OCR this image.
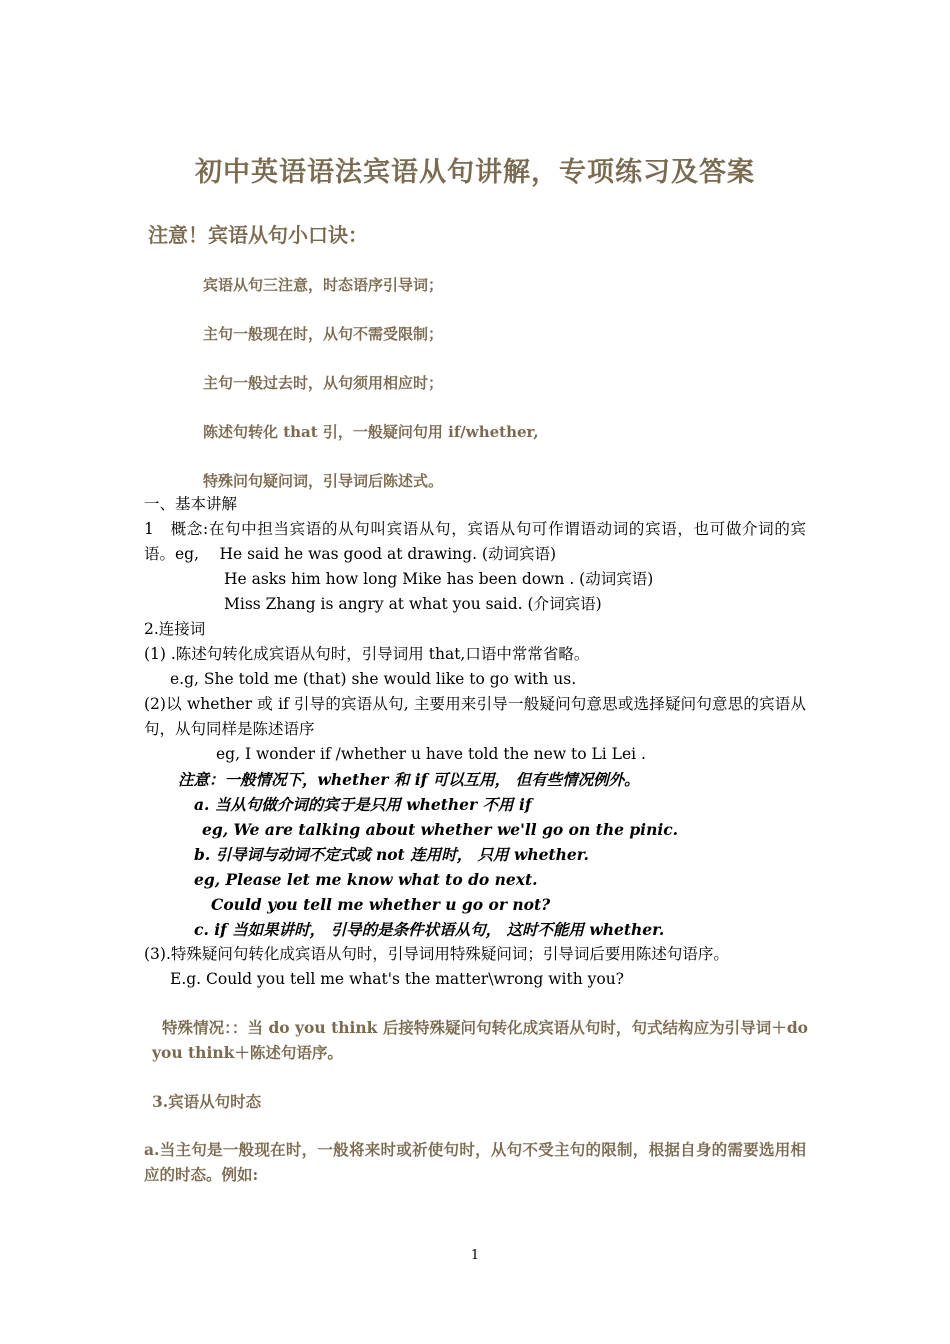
初中英语语法宾语从句讲解，专项练习及答案
注意！宾语从句小口诀：
宾语从句三注意，时态语序引导词；
主句一般现在时，从句不需受限制；
主句一般过去时，从句须用相应时；
陈述句转化 that 引，一般疑问句用 if/whether,
特殊问句疑问词，引导词后陈述式。
一、基本讲解
1　概念:在句中担当宾语的从句叫宾语从句，宾语从句可作谓语动词的宾语，也可做介词的宾语。eg,　 He said he was good at drawing. (动词宾语)
He asks him how long Mike has been down . (动词宾语)
Miss Zhang is angry at what you said. (介词宾语)
2.连接词
(1) .陈述句转化成宾语从句时，引导词用 that,口语中常常省略。
e.g, She told me (that) she would like to go with us.
(2)以 whether 或 if 引导的宾语从句, 主要用来引导一般疑问句意思或选择疑问句意思的宾语从句，从句同样是陈述语序
eg, I wonder if /whether u have told the new to Li Lei .
注意：一般情况下，whether 和 if 可以互用， 但有些情况例外。
a. 当从句做介词的宾于是只用 whether 不用 if
eg, We are talking about whether we'll go on the pinic.
b. 引导词与动词不定式或 not 连用时， 只用 whether.
eg, Please let me know what to do next.
Could you tell me whether u go or not?
c. if 当如果讲时， 引导的是条件状语从句， 这时不能用 whether.
(3).特殊疑问句转化成宾语从句时，引导词用特殊疑问词；引导词后要用陈述句语序。
E.g. Could you tell me what's the matter\wrong with you?
特殊情况：：当 do you think 后接特殊疑问句转化成宾语从句时，句式结构应为引导词＋do you think＋陈述句语序。
3.宾语从句时态
a.当主句是一般现在时，一般将来时或祈使句时，从句不受主句的限制，根据自身的需要选用相应的时态。例如:
1
